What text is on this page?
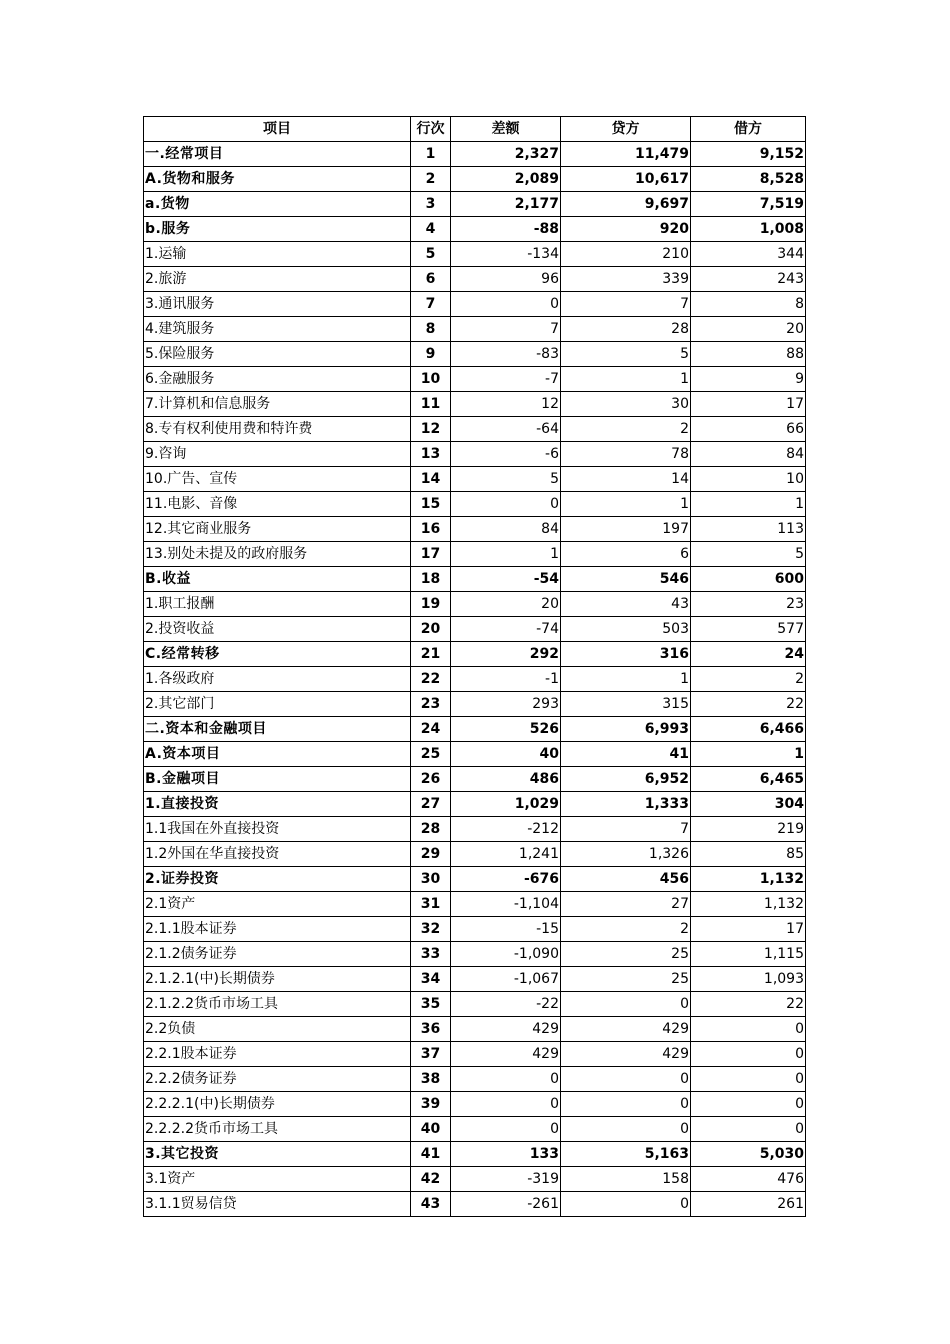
项目	行次	差额	贷方	借方
一.经常项目	1	2,327	11,479	9,152
A.货物和服务	2	2,089	10,617	8,528
a.货物	3	2,177	9,697	7,519
b.服务	4	-88	920	1,008
1.运输	5	-134	210	344
2.旅游	6	96	339	243
3.通讯服务	7	0	7	8
4.建筑服务	8	7	28	20
5.保险服务	9	-83	5	88
6.金融服务	10	-7	1	9
7.计算机和信息服务	11	12	30	17
8.专有权利使用费和特许费	12	-64	2	66
9.咨询	13	-6	78	84
10.广告、宣传	14	5	14	10
11.电影、音像	15	0	1	1
12.其它商业服务	16	84	197	113
13.别处未提及的政府服务	17	1	6	5
B.收益	18	-54	546	600
1.职工报酬	19	20	43	23
2.投资收益	20	-74	503	577
C.经常转移	21	292	316	24
1.各级政府	22	-1	1	2
2.其它部门	23	293	315	22
二.资本和金融项目	24	526	6,993	6,466
A.资本项目	25	40	41	1
B.金融项目	26	486	6,952	6,465
1.直接投资	27	1,029	1,333	304
1.1我国在外直接投资	28	-212	7	219
1.2外国在华直接投资	29	1,241	1,326	85
2.证券投资	30	-676	456	1,132
2.1资产	31	-1,104	27	1,132
2.1.1股本证券	32	-15	2	17
2.1.2债务证券	33	-1,090	25	1,115
2.1.2.1(中)长期债券	34	-1,067	25	1,093
2.1.2.2货币市场工具	35	-22	0	22
2.2负债	36	429	429	0
2.2.1股本证券	37	429	429	0
2.2.2债务证券	38	0	0	0
2.2.2.1(中)长期债券	39	0	0	0
2.2.2.2货币市场工具	40	0	0	0
3.其它投资	41	133	5,163	5,030
3.1资产	42	-319	158	476
3.1.1贸易信贷	43	-261	0	261
